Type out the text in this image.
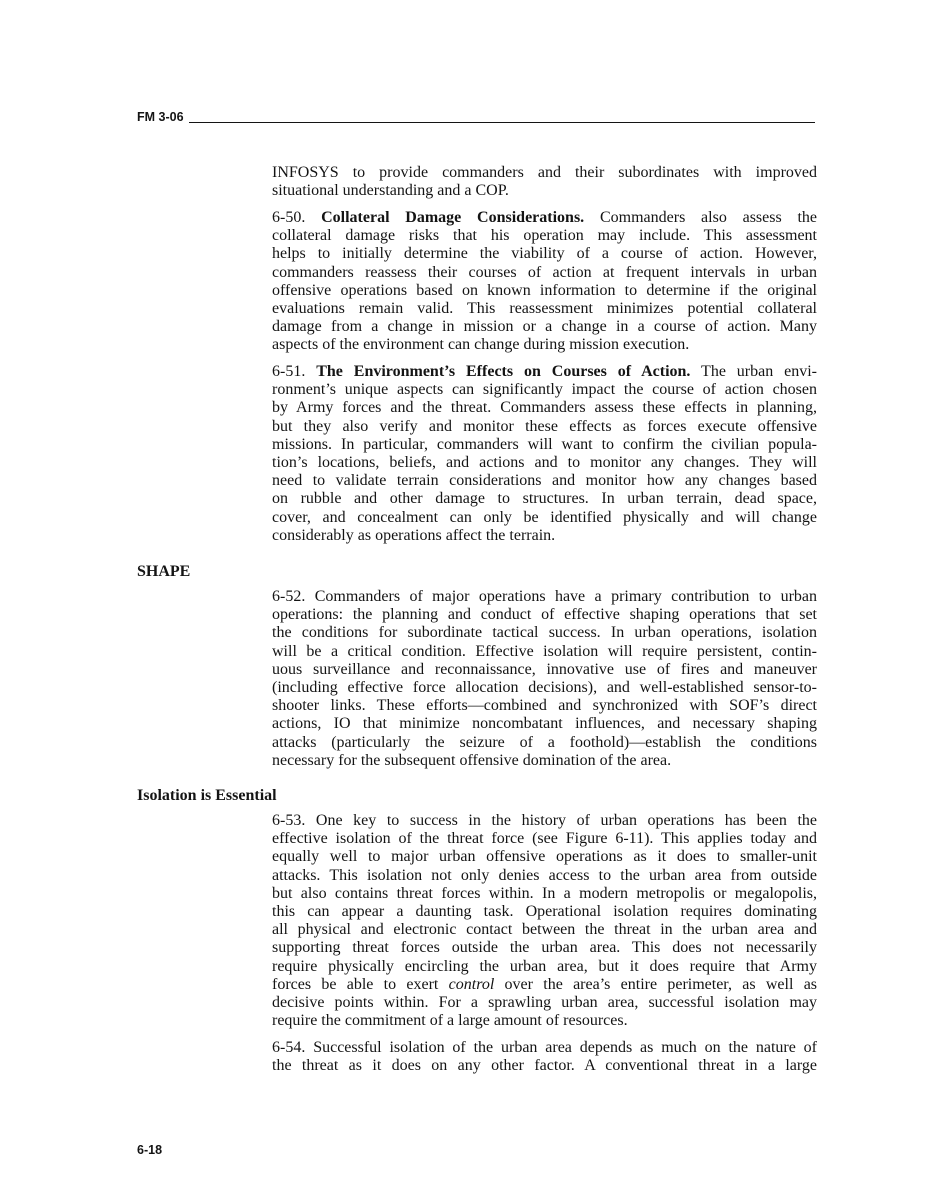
FM 3-06
INFOSYS to provide commanders and their subordinates with improved
situational understanding and a COP.
6-50. Collateral Damage Considerations. Commanders also assess the
collateral damage risks that his operation may include. This assessment
helps to initially determine the viability of a course of action. However,
commanders reassess their courses of action at frequent intervals in urban
offensive operations based on known information to determine if the original
evaluations remain valid. This reassessment minimizes potential collateral
damage from a change in mission or a change in a course of action. Many
aspects of the environment can change during mission execution.
6-51. The Environment’s Effects on Courses of Action. The urban envi-
ronment’s unique aspects can significantly impact the course of action chosen
by Army forces and the threat. Commanders assess these effects in planning,
but they also verify and monitor these effects as forces execute offensive
missions. In particular, commanders will want to confirm the civilian popula-
tion’s locations, beliefs, and actions and to monitor any changes. They will
need to validate terrain considerations and monitor how any changes based
on rubble and other damage to structures. In urban terrain, dead space,
cover, and concealment can only be identified physically and will change
considerably as operations affect the terrain.
SHAPE
6-52. Commanders of major operations have a primary contribution to urban
operations: the planning and conduct of effective shaping operations that set
the conditions for subordinate tactical success. In urban operations, isolation
will be a critical condition. Effective isolation will require persistent, contin-
uous surveillance and reconnaissance, innovative use of fires and maneuver
(including effective force allocation decisions), and well-established sensor-to-
shooter links. These efforts—combined and synchronized with SOF’s direct
actions, IO that minimize noncombatant influences, and necessary shaping
attacks (particularly the seizure of a foothold)—establish the conditions
necessary for the subsequent offensive domination of the area.
Isolation is Essential
6-53. One key to success in the history of urban operations has been the
effective isolation of the threat force (see Figure 6-11). This applies today and
equally well to major urban offensive operations as it does to smaller-unit
attacks. This isolation not only denies access to the urban area from outside
but also contains threat forces within. In a modern metropolis or megalopolis,
this can appear a daunting task. Operational isolation requires dominating
all physical and electronic contact between the threat in the urban area and
supporting threat forces outside the urban area. This does not necessarily
require physically encircling the urban area, but it does require that Army
forces be able to exert control over the area’s entire perimeter, as well as
decisive points within. For a sprawling urban area, successful isolation may
require the commitment of a large amount of resources.
6-54. Successful isolation of the urban area depends as much on the nature of
the threat as it does on any other factor. A conventional threat in a large
6-18
